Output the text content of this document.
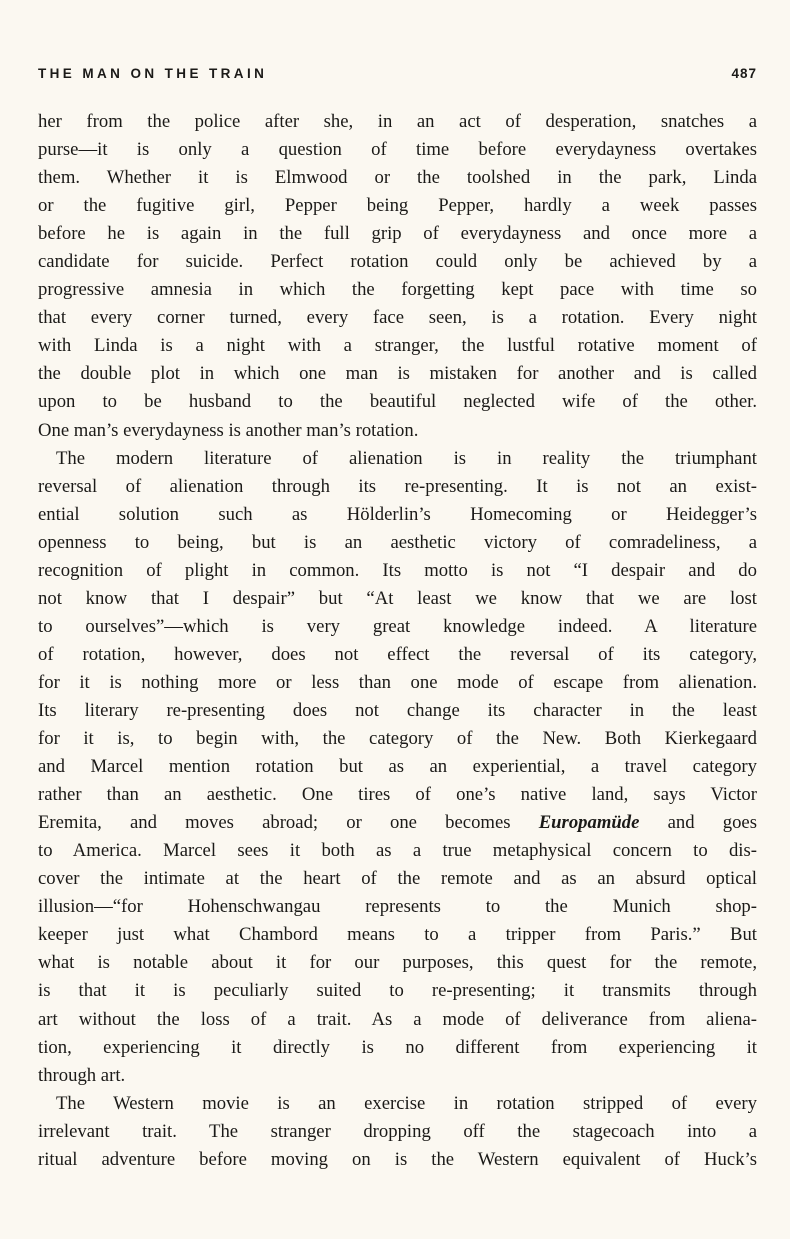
THE MAN ON THE TRAIN	487
her from the police after she, in an act of desperation, snatches a
purse—it is only a question of time before everydayness overtakes
them. Whether it is Elmwood or the toolshed in the park, Linda
or the fugitive girl, Pepper being Pepper, hardly a week passes
before he is again in the full grip of everydayness and once more a
candidate for suicide. Perfect rotation could only be achieved by a
progressive amnesia in which the forgetting kept pace with time so
that every corner turned, every face seen, is a rotation. Every night
with Linda is a night with a stranger, the lustful rotative moment of
the double plot in which one man is mistaken for another and is called
upon to be husband to the beautiful neglected wife of the other.
One man’s everydayness is another man’s rotation.
The modern literature of alienation is in reality the triumphant
reversal of alienation through its re-presenting. It is not an exist-
ential solution such as Hölderlin’s Homecoming or Heidegger’s
openness to being, but is an aesthetic victory of comradeliness, a
recognition of plight in common. Its motto is not “I despair and do
not know that I despair” but “At least we know that we are lost
to ourselves”—which is very great knowledge indeed. A literature
of rotation, however, does not effect the reversal of its category,
for it is nothing more or less than one mode of escape from alienation.
Its literary re-presenting does not change its character in the least
for it is, to begin with, the category of the New. Both Kierkegaard
and Marcel mention rotation but as an experiential, a travel category
rather than an aesthetic. One tires of one’s native land, says Victor
Eremita, and moves abroad; or one becomes Europamüde and goes
to America. Marcel sees it both as a true metaphysical concern to dis-
cover the intimate at the heart of the remote and as an absurd optical
illusion—“for Hohenschwangau represents to the Munich shop-
keeper just what Chambord means to a tripper from Paris.” But
what is notable about it for our purposes, this quest for the remote,
is that it is peculiarly suited to re-presenting; it transmits through
art without the loss of a trait. As a mode of deliverance from aliena-
tion, experiencing it directly is no different from experiencing it
through art.
The Western movie is an exercise in rotation stripped of every
irrelevant trait. The stranger dropping off the stagecoach into a
ritual adventure before moving on is the Western equivalent of Huck’s
